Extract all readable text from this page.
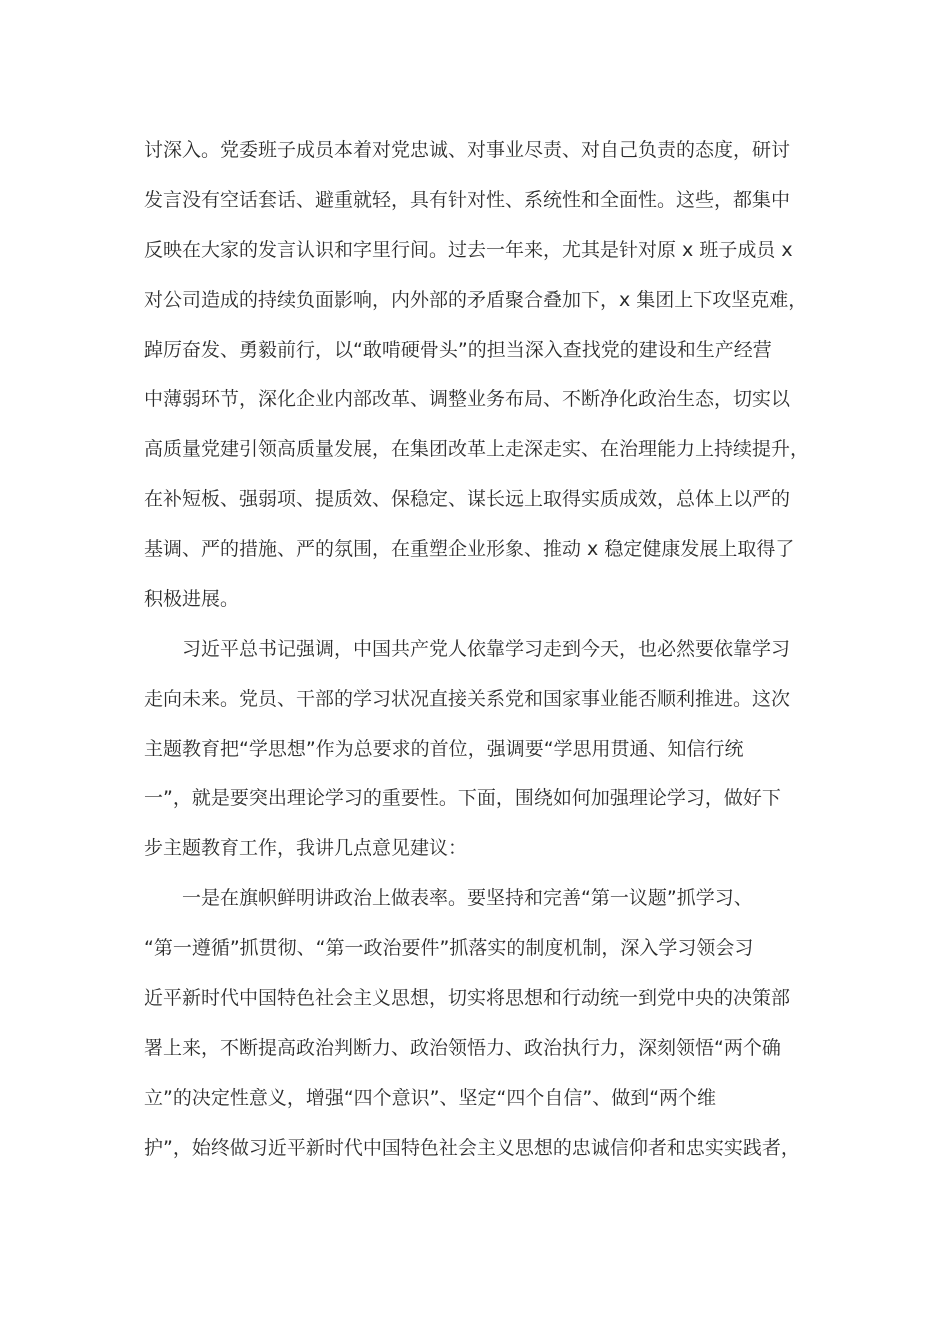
讨深入。党委班子成员本着对党忠诚、对事业尽责、对自己负责的态度，研讨
发言没有空话套话、避重就轻，具有针对性、系统性和全面性。这些，都集中
反映在大家的发言认识和字里行间。过去一年来，尤其是针对原 x 班子成员 x
对公司造成的持续负面影响，内外部的矛盾聚合叠加下，x 集团上下攻坚克难，
踔厉奋发、勇毅前行，以“敢啃硬骨头”的担当深入查找党的建设和生产经营
中薄弱环节，深化企业内部改革、调整业务布局、不断净化政治生态，切实以
高质量党建引领高质量发展，在集团改革上走深走实、在治理能力上持续提升，
在补短板、强弱项、提质效、保稳定、谋长远上取得实质成效，总体上以严的
基调、严的措施、严的氛围，在重塑企业形象、推动 x 稳定健康发展上取得了
积极进展。
习近平总书记强调，中国共产党人依靠学习走到今天，也必然要依靠学习
走向未来。党员、干部的学习状况直接关系党和国家事业能否顺利推进。这次
主题教育把“学思想”作为总要求的首位，强调要“学思用贯通、知信行统
一”，就是要突出理论学习的重要性。下面，围绕如何加强理论学习，做好下
步主题教育工作，我讲几点意见建议：
一是在旗帜鲜明讲政治上做表率。要坚持和完善“第一议题”抓学习、
“第一遵循”抓贯彻、“第一政治要件”抓落实的制度机制，深入学习领会习
近平新时代中国特色社会主义思想，切实将思想和行动统一到党中央的决策部
署上来，不断提高政治判断力、政治领悟力、政治执行力，深刻领悟“两个确
立”的决定性意义，增强“四个意识”、坚定“四个自信”、做到“两个维
护”，始终做习近平新时代中国特色社会主义思想的忠诚信仰者和忠实实践者，
